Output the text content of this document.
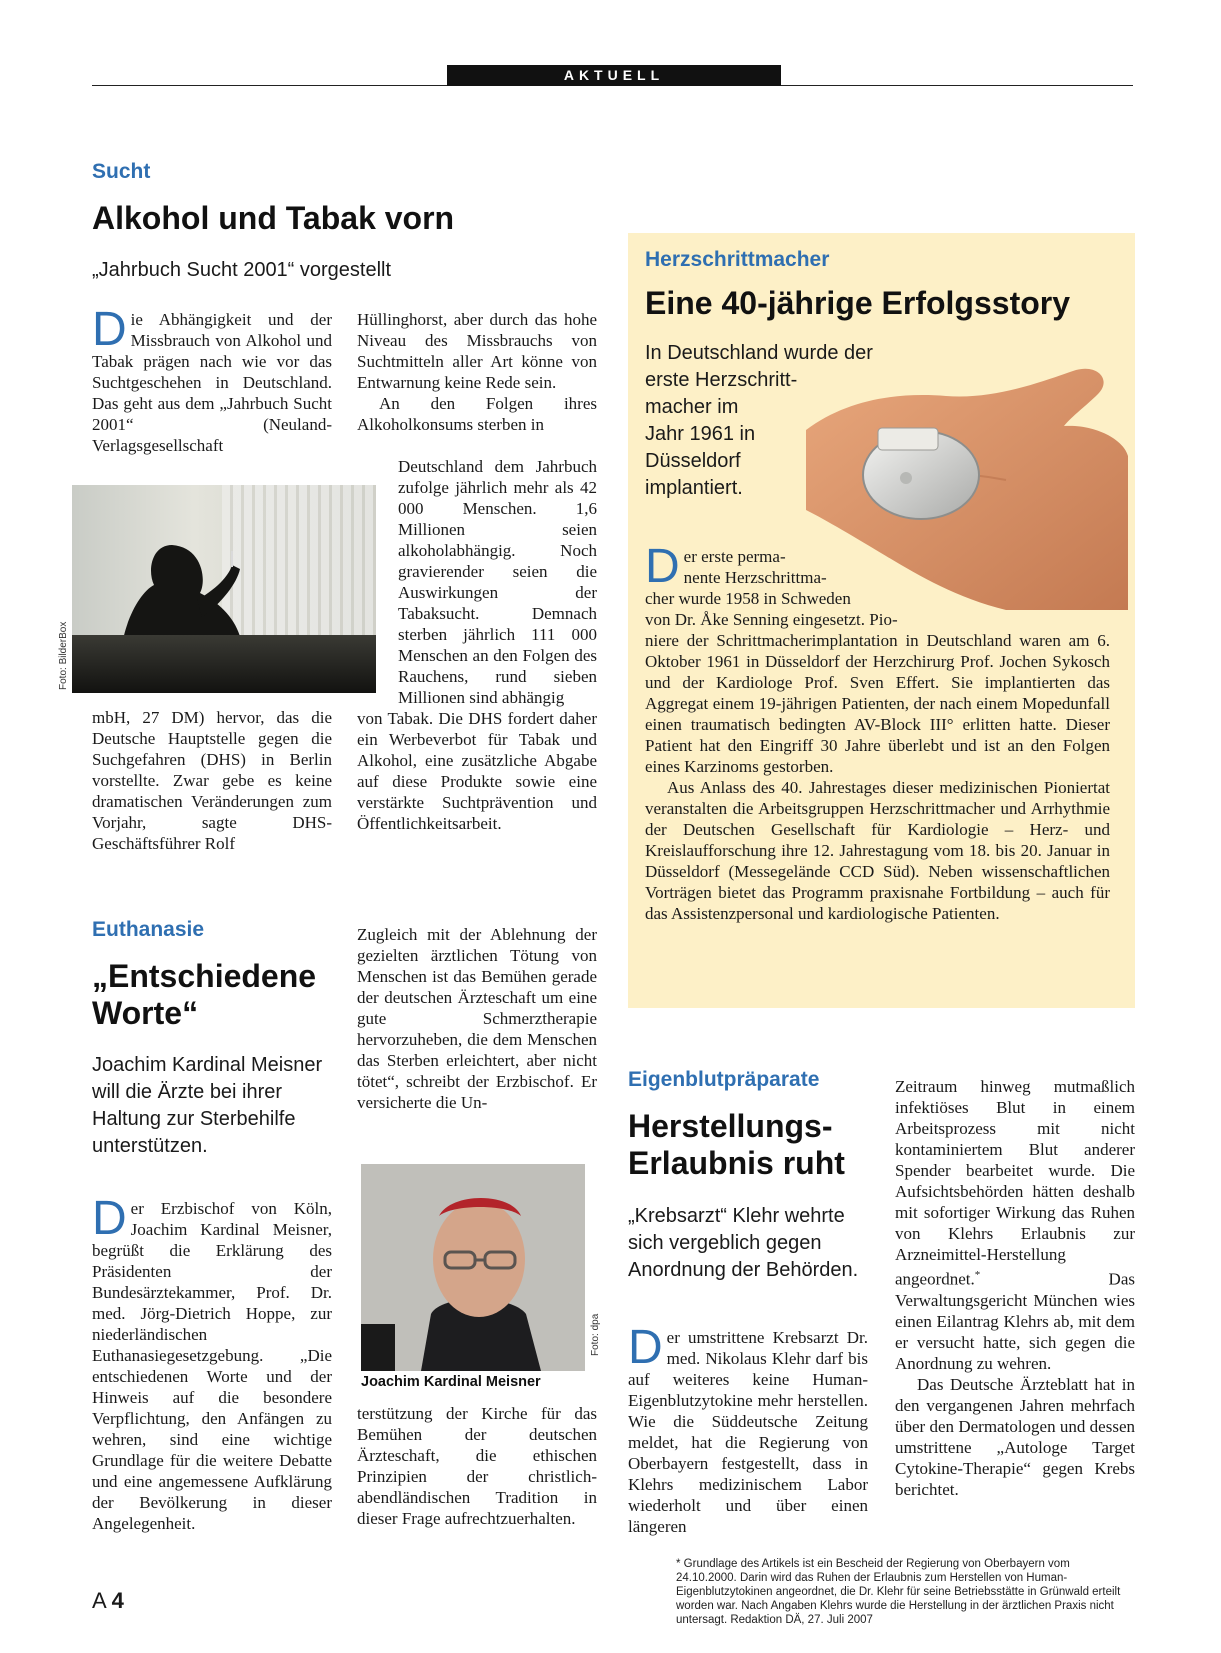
AKTUELL
Sucht
Alkohol und Tabak vorn
„Jahrbuch Sucht 2001“ vorgestellt

Die Abhängigkeit und der Missbrauch von Alkohol und Tabak prägen nach wie vor das Suchtgeschehen in Deutschland. Das geht aus dem „Jahrbuch Sucht 2001“ (Neuland-Verlagsgesellschaft

Foto: BilderBox

mbH, 27 DM) hervor, das die Deutsche Hauptstelle gegen die Suchgefahren (DHS) in Berlin vorstellte. Zwar gebe es keine dramatischen Veränderungen zum Vorjahr, sagte DHS-Geschäftsführer Rolf

Hüllinghorst, aber durch das hohe Niveau des Missbrauchs von Suchtmitteln aller Art könne von Entwarnung keine Rede sein.

An den Folgen ihres Alkoholkonsums sterben in

Deutschland dem Jahrbuch zufolge jährlich mehr als 42 000 Menschen. 1,6 Millionen seien alkoholabhängig. Noch gravierender seien die Auswirkungen der Tabaksucht. Demnach sterben jährlich 111 000 Menschen an den Folgen des Rauchens, rund sieben Millionen sind abhängig

von Tabak. Die DHS fordert daher ein Werbeverbot für Tabak und Alkohol, eine zusätzliche Abgabe auf diese Produkte sowie eine verstärkte Suchtprävention und Öffentlichkeitsarbeit.

Herzschrittmacher
Eine 40-jährige Erfolgsstory
In Deutschland wurde der
erste Herzschritt-
macher im
Jahr 1961 in
Düsseldorf
implantiert.

D er erste perma-
nente Herzschrittma-
cher wurde 1958 in Schweden
von Dr. Åke Senning eingesetzt. Pio-

niere der Schrittmacherimplantation in Deutschland waren am 6. Oktober 1961 in Düsseldorf der Herzchirurg Prof. Jochen Sykosch und der Kardiologe Prof. Sven Effert. Sie implantierten das Aggregat einem 19-jährigen Patienten, der nach einem Mopedunfall einen traumatisch bedingten AV-Block III° erlitten hatte. Dieser Patient hat den Eingriff 30 Jahre überlebt und ist an den Folgen eines Karzinoms gestorben.

Aus Anlass des 40. Jahrestages dieser medizinischen Pioniertat veranstalten die Arbeitsgruppen Herzschrittmacher und Arrhythmie der Deutschen Gesellschaft für Kardiologie – Herz- und Kreislaufforschung ihre 12. Jahrestagung vom 18. bis 20. Januar in Düsseldorf (Messegelände CCD Süd). Neben wissenschaftlichen Vorträgen bietet das Programm praxisnahe Fortbildung – auch für das Assistenzpersonal und kardiologische Patienten.

Euthanasie
„Entschiedene Worte“
Joachim Kardinal Meisner will die Ärzte bei ihrer Haltung zur Sterbehilfe unterstützen.

Der Erzbischof von Köln, Joachim Kardinal Meisner, begrüßt die Erklärung des Präsidenten der Bundesärztekammer, Prof. Dr. med. Jörg-Dietrich Hoppe, zur niederländischen Euthanasiegesetzgebung. „Die entschiedenen Worte und der Hinweis auf die besondere Verpflichtung, den Anfängen zu wehren, sind eine wichtige Grundlage für die weitere Debatte und eine angemessene Aufklärung der Bevölkerung in dieser Angelegenheit.

Zugleich mit der Ablehnung der gezielten ärztlichen Tötung von Menschen ist das Bemühen gerade der deutschen Ärzteschaft um eine gute Schmerztherapie hervorzuheben, die dem Menschen das Sterben erleichtert, aber nicht tötet“, schreibt der Erzbischof. Er versicherte die Un-

Foto: dpa
Joachim Kardinal Meisner

terstützung der Kirche für das Bemühen der deutschen Ärzteschaft, die ethischen Prinzipien der christlich-abendländischen Tradition in dieser Frage aufrechtzuerhalten.

Eigenblutpräparate
Herstellungs-Erlaubnis ruht
„Krebsarzt“ Klehr wehrte sich vergeblich gegen Anordnung der Behörden.

Der umstrittene Krebsarzt Dr. med. Nikolaus Klehr darf bis auf weiteres keine Human-Eigenblutzytokine mehr herstellen. Wie die Süddeutsche Zeitung meldet, hat die Regierung von Oberbayern festgestellt, dass in Klehrs medizinischem Labor wiederholt und über einen längeren

Zeitraum hinweg mutmaßlich infektiöses Blut in einem Arbeitsprozess mit nicht kontaminiertem Blut anderer Spender bearbeitet wurde. Die Aufsichtsbehörden hätten deshalb mit sofortiger Wirkung das Ruhen von Klehrs Erlaubnis zur Arzneimittel-Herstellung angeordnet.*	Das Verwaltungsgericht München wies einen Eilantrag Klehrs ab, mit dem er versucht hatte, sich gegen die Anordnung zu wehren.

Das Deutsche Ärzteblatt hat in den vergangenen Jahren mehrfach über den Dermatologen und dessen umstrittene „Autologe Target Cytokine-Therapie“ gegen Krebs berichtet.

* Grundlage des Artikels ist ein Bescheid der Regierung von Oberbayern vom 24.10.2000. Darin wird das Ruhen der Erlaubnis zum Herstellen von Human-Eigenblutzytokinen angeordnet, die Dr. Klehr für seine Betriebsstätte in Grünwald erteilt worden war. Nach Angaben Klehrs wurde die Herstellung in der ärztlichen Praxis nicht untersagt. Redaktion DÄ, 27. Juli 2007
A 4
